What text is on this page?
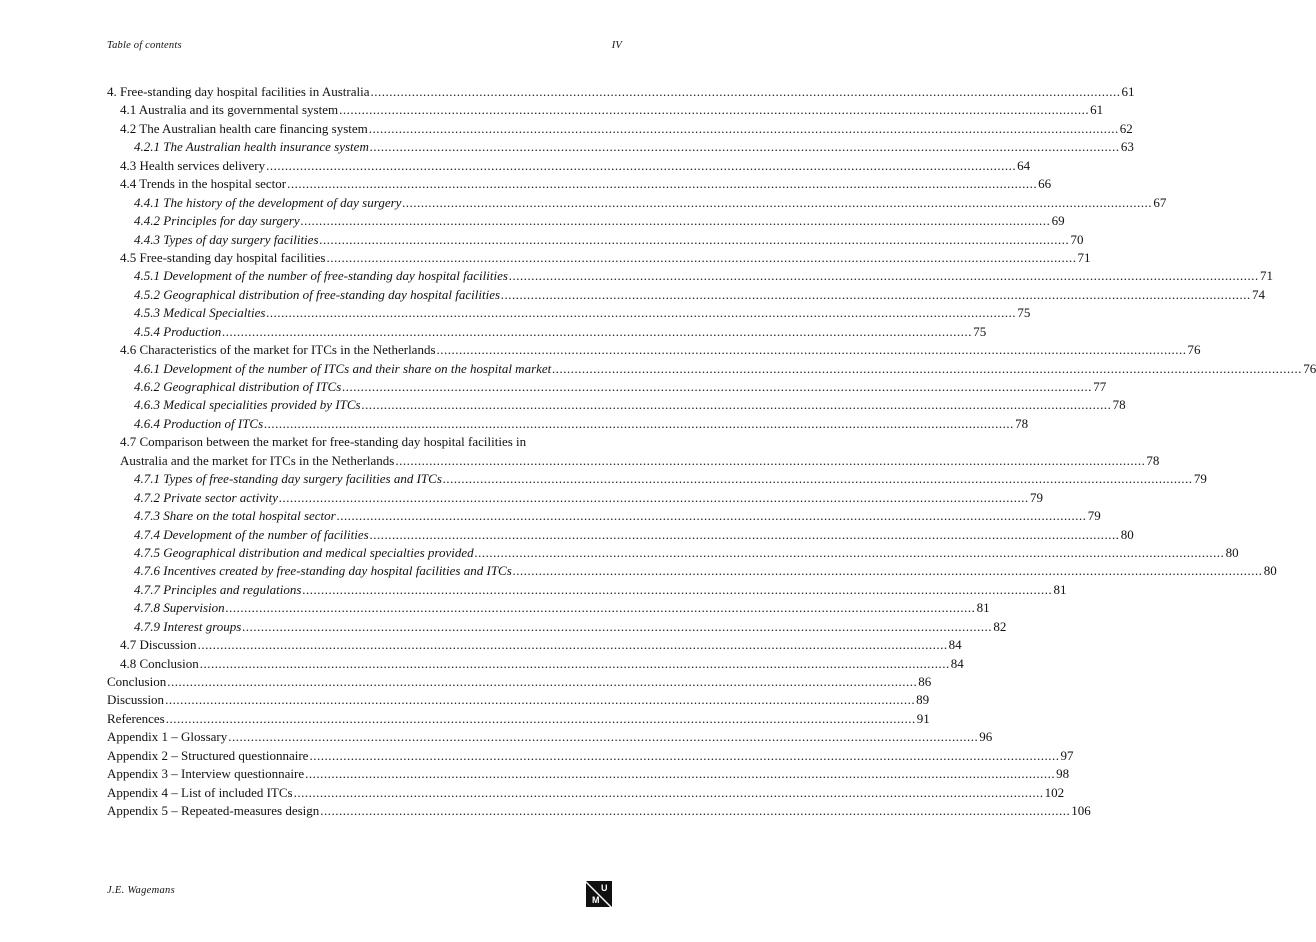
Table of contents	IV
4. Free-standing day hospital facilities in Australia .....	61
4.1 Australia and its governmental system .....	61
4.2 The Australian health care financing system .....	62
4.2.1 The Australian health insurance system .....	63
4.3 Health services delivery .....	64
4.4 Trends in the hospital sector .....	66
4.4.1 The history of the development of day surgery .....	67
4.4.2 Principles for day surgery .....	69
4.4.3 Types of day surgery facilities .....	70
4.5 Free-standing day hospital facilities .....	71
4.5.1 Development of the number of free-standing day hospital facilities .....	71
4.5.2 Geographical distribution of free-standing day hospital facilities .....	74
4.5.3 Medical Specialties .....	75
4.5.4 Production .....	75
4.6 Characteristics of the market for ITCs in the Netherlands .....	76
4.6.1 Development of the number of ITCs and their share on the hospital market .....	76
4.6.2 Geographical distribution of ITCs .....	77
4.6.3 Medical specialities provided by ITCs .....	78
4.6.4 Production of ITCs .....	78
4.7 Comparison between the market for free-standing day hospital facilities in
Australia and the market for ITCs in the Netherlands .....	78
4.7.1 Types of free-standing day surgery facilities and ITCs .....	79
4.7.2 Private sector activity .....	79
4.7.3 Share on the total hospital sector .....	79
4.7.4 Development of the number of facilities .....	80
4.7.5 Geographical distribution and medical specialties provided .....	80
4.7.6 Incentives created by free-standing day hospital facilities and ITCs .....	80
4.7.7 Principles and regulations .....	81
4.7.8 Supervision .....	81
4.7.9 Interest groups .....	82
4.7 Discussion .....	84
4.8 Conclusion .....	84
Conclusion .....	86
Discussion .....	89
References .....	91
Appendix 1 – Glossary .....	96
Appendix 2 – Structured questionnaire .....	97
Appendix 3 – Interview questionnaire .....	98
Appendix 4 – List of included ITCs .....	102
Appendix 5 – Repeated-measures design .....	106
J.E. Wagemans	U
M
